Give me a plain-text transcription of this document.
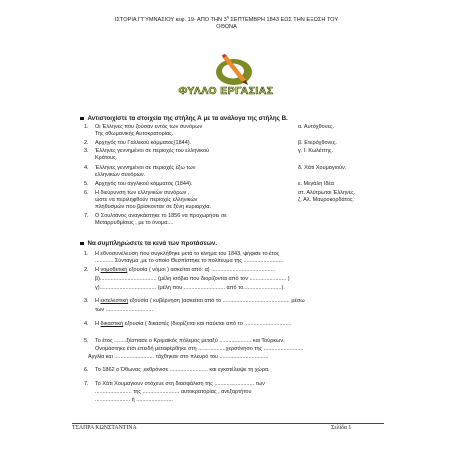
ΙΣΤΟΡΙΑ Γ'ΓΥΜΝΑΣΙΟΥ κεφ. 19- ΑΠΟ ΤΗΝ $3^\eta$ ΣΕΠΤΕΜΒΡΗ 1843 ΕΩΣ ΤΗΝ ΕΞΩΣΗ ΤΟΥ
ΟΘΩΝΑ
ΦΥΛΛΟ ΕΡΓΑΣΙΑΣ
Αντιστοιχίστε τα στοιχεία της στήλης Α με τα ανάλογα της στήλης Β.
1. Οι Έλληνες που ζούσαν εντός των συνόρων	α. Αυτόχθονες.
Της οθωμανικής Αυτοκρατορίας.
2. Αρχηγός του Γαλλικού κόμματος(1844).	β. Ετερόχθονες.
3. Έλληνες γεννημένοι σε περιοχές του ελληνικού	γ. Ι. Κωλέττης.
Κράτους.
4. Έλληνες γεννημένοι σε περιοχές έξω των	δ. Χάτι Χουμαγιούν.
ελληνικών συνόρων.
5. Αρχηγός του αγγλικού κόμματος (1844).	ε. Μεγάλη Ιδέα
6. Η διεύρυνση των ελληνικών συνόρων ,	στ. Αλύτρωτοι Έλληνες.
ώστε να περιληφθούν περιοχές ελληνικών	ζ. Αλ. Μαυροκορδάτος.
πληθυσμών που βρίσκονταν σε ξένη κυριαρχία.
7. Ο Σουλτάνος αναγκάστηκε το 1856 να προχωρήσει σε
Μεταρρυθμίσεις , με το όνομα....
Να συμπληρώσετε τα κενά των προτάσεων.
1. Η εθνοσυνέλευση που συγκλήθηκε μετά το κίνημα του 1843, ψήφισε το έτος
............ Σύνταγμα ,με το οποίο Θεσπίστηκε το πολίτευμα της ..........................
2. Η νομοθετική εξουσία ( νόμοι ) ασκείται από: α) ..........................................
β)..................................... (μέλη ισόβια που διορίζονται από τον ........................ )
γ)..................................... (μέλη που ........................... από το.........................).
3. Η εκτελεστική εξουσία ( κυβέρνηση )ασκείται από το ............................................ μέσω
των ...............................
4. Η δικαστική εξουσία ( δικαστές )διορίζεται και παύεται από το ...............................
5. Το έτος ........ξέσπασε ο Κριμαϊκός πόλεμος μεταξύ ..................... και Τούρκων.
Ονομάστηκε έτσι επειδή μεταφέρθηκε στη ..................χερσόνησο της ..........................
Αγγλία και .......................... τάχθηκαν στο πλευρό του ................................
6. Το 1862 ο Όθωνας ,εκθρόνισε ......................... και εγκατέλειψε τη χώρα.
7. Το Χάτι Χουμαγιουν στόχευε στη διασφάλιση της .......................... των
........................ της ........................ αυτοκρατορίας , ανεξαρτήτου
....................... ή ........................
ΤΣΑΠΡΑ ΚΩΝΣΤΑΝΤΙΝΑ	Σελίδα 1
